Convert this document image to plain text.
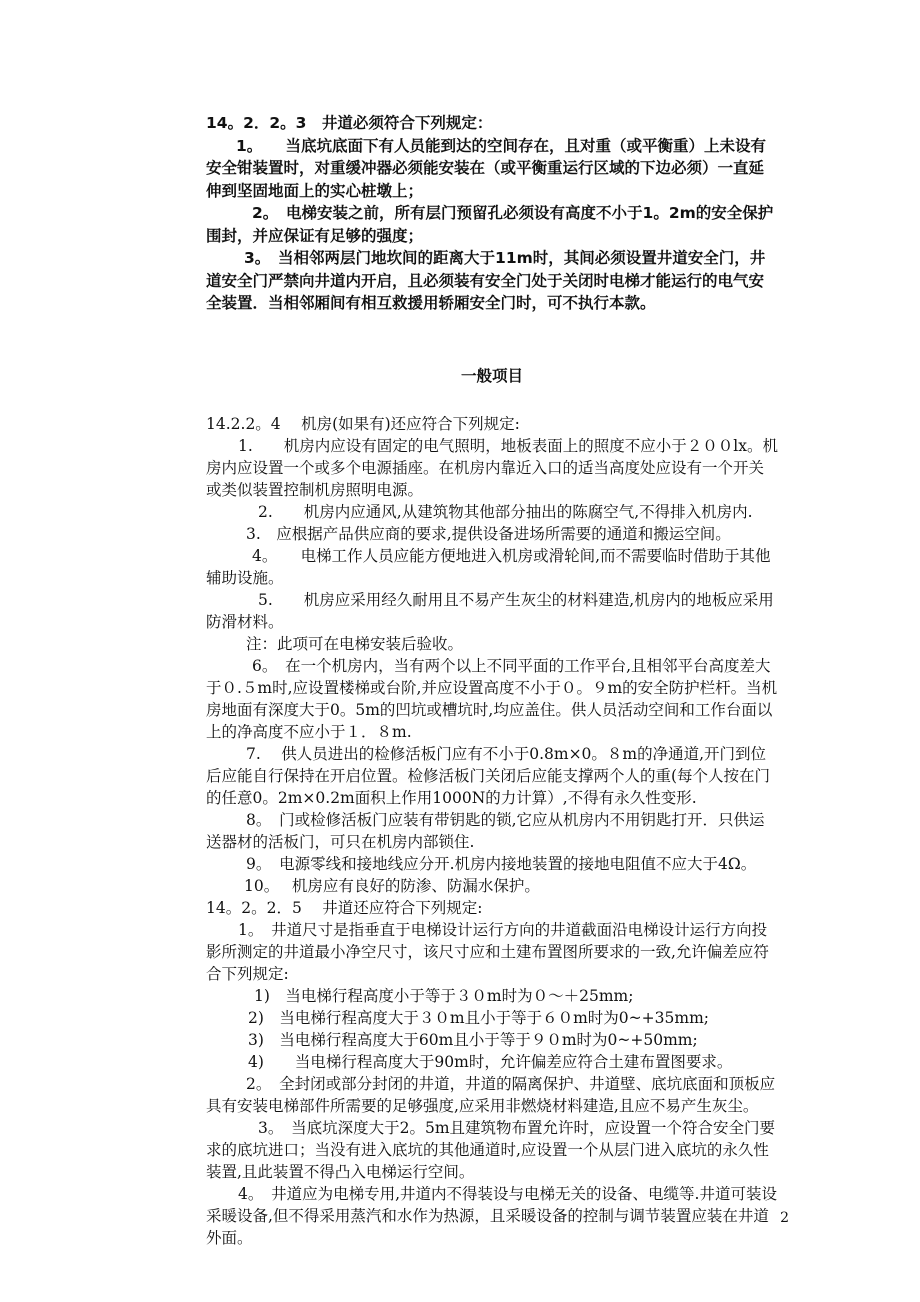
14。2．2。3　井道必须符合下列规定：

1。　　当底坑底面下有人员能到达的空间存在，且对重（或平衡重）上未设有安全钳装置时，对重缓冲器必须能安装在（或平衡重运行区域的下边必须）一直延伸到坚固地面上的实心桩墩上；

2。　电梯安装之前，所有层门预留孔必须设有高度不小于1。2m的安全保护围封，并应保证有足够的强度；

3。　当相邻两层门地坎间的距离大于11m时，其间必须设置井道安全门，井道安全门严禁向井道内开启，且必须装有安全门处于关闭时电梯才能运行的电气安全装置．当相邻厢间有相互救援用轿厢安全门时，可不执行本款。

一般项目

14.2.2。4　 机房(如果有)还应符合下列规定:

1.　　机房内应设有固定的电气照明，地板表面上的照度不应小于２００lx。机房内应设置一个或多个电源插座。在机房内靠近入口的适当高度处应设有一个开关或类似装置控制机房照明电源。

2.　　机房内应通风,从建筑物其他部分抽出的陈腐空气,不得排入机房内.

3.　应根据产品供应商的要求,提供设备进场所需要的通道和搬运空间。

4。　　电梯工作人员应能方便地进入机房或滑轮间,而不需要临时借助于其他辅助设施。

5.　　机房应采用经久耐用且不易产生灰尘的材料建造,机房内的地板应采用防滑材料。

注：此项可在电梯安装后验收。

6。　在一个机房内，当有两个以上不同平面的工作平台,且相邻平台高度差大于０.５m时,应设置楼梯或台阶,并应设置高度不小于０。９m的安全防护栏杆。当机房地面有深度大于0。5m的凹坑或槽坑时,均应盖住。供人员活动空间和工作台面以上的净高度不应小于１．８m.

7.　 供人员进出的检修活板门应有不小于0.8m×0。８m的净通道,开门到位后应能自行保持在开启位置。检修活板门关闭后应能支撑两个人的重(每个人按在门的任意0。2m×0.2m面积上作用1000N的力计算）,不得有永久性变形.

8。　门或检修活板门应装有带钥匙的锁,它应从机房内不用钥匙打开．只供运送器材的活板门，可只在机房内部锁住.

9。　电源零线和接地线应分开.机房内接地装置的接地电阻值不应大于4Ω。

10。　 机房应有良好的防渗、防漏水保护。

14。2。2．5　 井道还应符合下列规定:

1。　井道尺寸是指垂直于电梯设计运行方向的井道截面沿电梯设计运行方向投影所测定的井道最小净空尺寸，该尺寸应和土建布置图所要求的一致,允许偏差应符合下列规定:

1)　当电梯行程高度小于等于３０m时为０～＋25mm;

2)　当电梯行程高度大于３０m且小于等于６０m时为0~+35mm;

3)　当电梯行程高度大于60m且小于等于９０m时为0~+50mm;

4)　　当电梯行程高度大于90m时，允许偏差应符合土建布置图要求。

2。　全封闭或部分封闭的井道，井道的隔离保护、井道壁、底坑底面和顶板应具有安装电梯部件所需要的足够强度,应采用非燃烧材料建造,且应不易产生灰尘。

3。　当底坑深度大于2。5m且建筑物布置允许时，应设置一个符合安全门要求的底坑进口；当没有进入底坑的其他通道时,应设置一个从层门进入底坑的永久性装置,且此装置不得凸入电梯运行空间。

4。　井道应为电梯专用,井道内不得装设与电梯无关的设备、电缆等.井道可装设采暖设备,但不得采用蒸汽和水作为热源，且采暖设备的控制与调节装置应装在井道外面。

2
